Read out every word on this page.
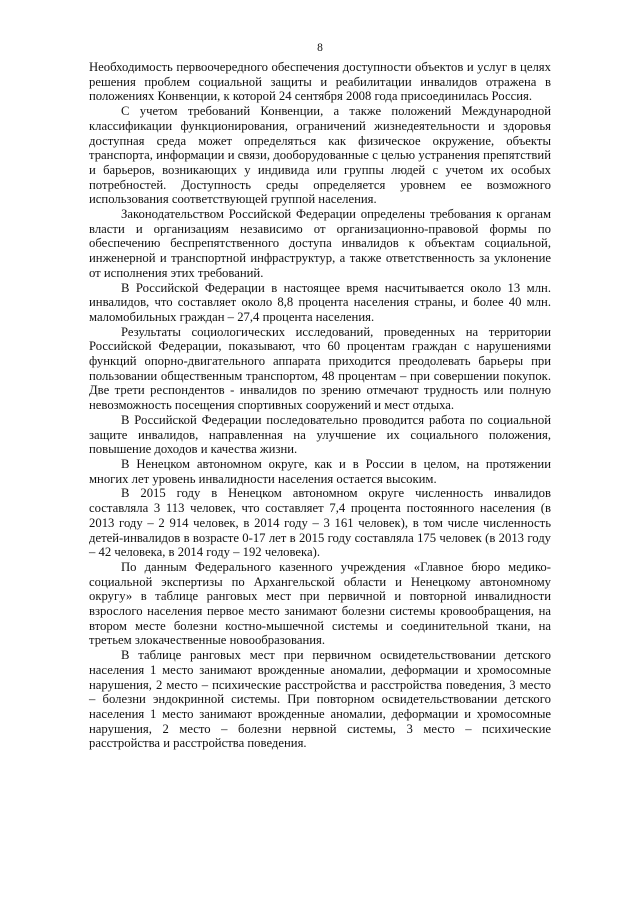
8

Необходимость первоочередного обеспечения доступности объектов и услуг в целях решения проблем социальной защиты и реабилитации инвалидов отражена в положениях Конвенции, к которой 24 сентября 2008 года присоединилась Россия.

С учетом требований Конвенции, а также положений Международной классификации функционирования, ограничений жизнедеятельности и здоровья доступная среда может определяться как физическое окружение, объекты транспорта, информации и связи, дооборудованные с целью устранения препятствий и барьеров, возникающих у индивида или группы людей с учетом их особых потребностей. Доступность среды определяется уровнем ее возможного использования соответствующей группой населения.

Законодательством Российской Федерации определены требования к органам власти и организациям независимо от организационно-правовой формы по обеспечению беспрепятственного доступа инвалидов к объектам социальной, инженерной и транспортной инфраструктур, а также ответственность за уклонение от исполнения этих требований.

В Российской Федерации в настоящее время насчитывается около 13 млн. инвалидов, что составляет около 8,8 процента населения страны, и более 40 млн. маломобильных граждан – 27,4 процента населения.

Результаты социологических исследований, проведенных на территории Российской Федерации, показывают, что 60 процентам граждан с нарушениями функций опорно-двигательного аппарата приходится преодолевать барьеры при пользовании общественным транспортом, 48 процентам – при совершении покупок. Две трети респондентов - инвалидов по зрению отмечают трудность или полную невозможность посещения спортивных сооружений и мест отдыха.

В Российской Федерации последовательно проводится работа по социальной защите инвалидов, направленная на улучшение их социального положения, повышение доходов и качества жизни.

В Ненецком автономном округе, как и в России в целом, на протяжении многих лет уровень инвалидности населения остается высоким.

В 2015 году в Ненецком автономном округе численность инвалидов составляла 3 113 человек, что составляет 7,4 процента постоянного населения (в 2013 году – 2 914 человек, в 2014 году – 3 161 человек), в том числе численность детей-инвалидов в возрасте 0-17 лет в 2015 году составляла 175 человек (в 2013 году – 42 человека, в 2014 году – 192 человека).

По данным Федерального казенного учреждения «Главное бюро медико-социальной экспертизы по Архангельской области и Ненецкому автономному округу» в таблице ранговых мест при первичной и повторной инвалидности взрослого населения первое место занимают болезни системы кровообращения, на втором месте болезни костно-мышечной системы и соединительной ткани, на третьем злокачественные новообразования.

В таблице ранговых мест при первичном освидетельствовании детского населения 1 место занимают врожденные аномалии, деформации и хромосомные нарушения, 2 место – психические расстройства и расстройства поведения, 3 место – болезни эндокринной системы. При повторном освидетельствовании детского населения 1 место занимают врожденные аномалии, деформации и хромосомные нарушения, 2 место – болезни нервной системы, 3 место – психические расстройства и расстройства поведения.
